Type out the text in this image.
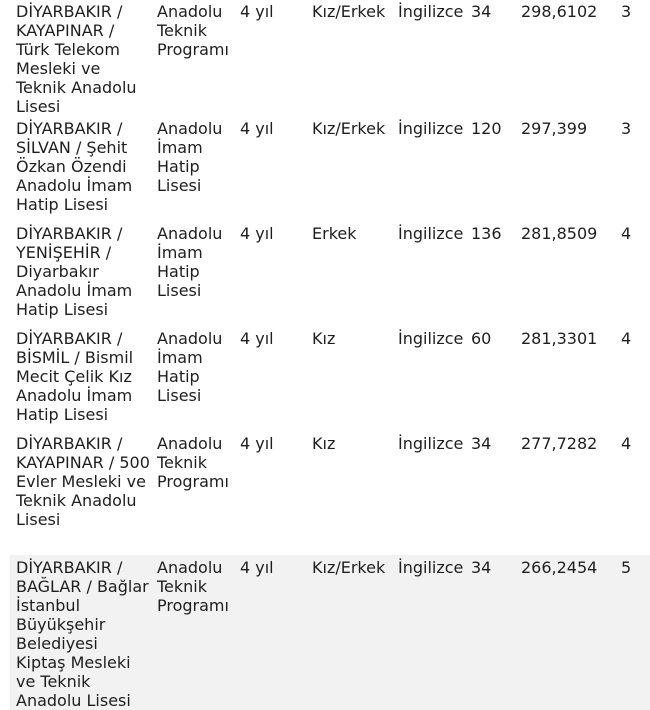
DİYARBAKIR / KAYAPINAR / Türk Telekom Mesleki ve Teknik Anadolu Lisesi	Anadolu Teknik Programı	4 yıl	Kız/Erkek	İngilizce	34	298,6102	3
DİYARBAKIR / SİLVAN / Şehit Özkan Özendi Anadolu İmam Hatip Lisesi	Anadolu İmam Hatip Lisesi	4 yıl	Kız/Erkek	İngilizce	120	297,399	3
DİYARBAKIR / YENİŞEHİR / Diyarbakır Anadolu İmam Hatip Lisesi	Anadolu İmam Hatip Lisesi	4 yıl	Erkek	İngilizce	136	281,8509	4
DİYARBAKIR / BİSMİL / Bismil Mecit Çelik Kız Anadolu İmam Hatip Lisesi	Anadolu İmam Hatip Lisesi	4 yıl	Kız	İngilizce	60	281,3301	4
DİYARBAKIR / KAYAPINAR / 500 Evler Mesleki ve Teknik Anadolu Lisesi	Anadolu Teknik Programı	4 yıl	Kız	İngilizce	34	277,7282	4
DİYARBAKIR / BAĞLAR / Bağlar İstanbul Büyükşehir Belediyesi Kiptaş Mesleki ve Teknik Anadolu Lisesi	Anadolu Teknik Programı	4 yıl	Kız/Erkek	İngilizce	34	266,2454	5
